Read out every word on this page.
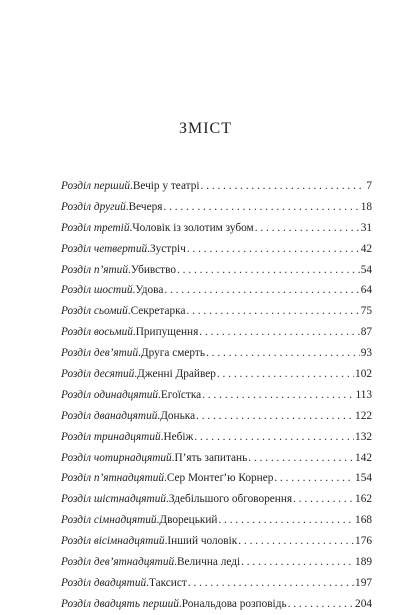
ЗМІСТ
Розділ перший . Вечір у театрі . . .	7
Розділ другий . Вечеря . . .	18
Розділ третій . Чоловік із золотим зубом . . .	31
Розділ четвертий . Зустріч . . .	42
Розділ п’ятий . Убивство . . .	54
Розділ шостий . Удова . . .	64
Розділ сьомий . Секретарка . . .	75
Розділ восьмий . Припущення . . .	87
Розділ дев’ятий . Друга смерть . . .	93
Розділ десятий . Дженні Драйвер . . .	102
Розділ одинадцятий . Егоїстка . . .	113
Розділ дванадцятий . Донька . . .	122
Розділ тринадцятий . Небіж . . .	132
Розділ чотирнадцятий . П’ять запитань . . .	142
Розділ п’ятнадцятий . Сер Монтеґ’ю Корнер . . .	154
Розділ шістнадцятий . Здебільшого обговорення . . .	162
Розділ сімнадцятий . Дворецький . . .	168
Розділ вісімнадцятий . Інший чоловік . . .	176
Розділ дев’ятнадцятий . Велична леді . . .	189
Розділ двадцятий . Таксист . . .	197
Розділ двадцять перший . Рональдова розповідь . . .	204
